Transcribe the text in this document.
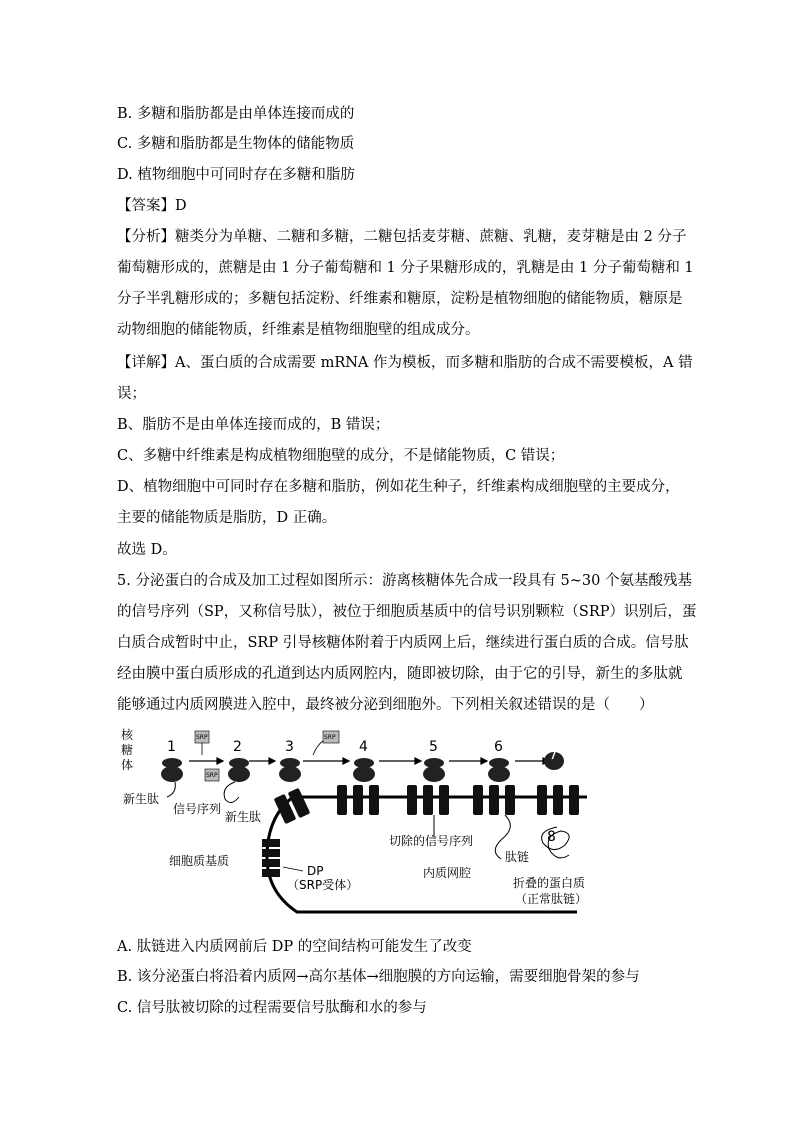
B. 多糖和脂肪都是由单体连接而成的
C. 多糖和脂肪都是生物体的储能物质
D. 植物细胞中可同时存在多糖和脂肪
【答案】D
【分析】糖类分为单糖、二糖和多糖，二糖包括麦芽糖、蔗糖、乳糖，麦芽糖是由 2 分子
葡萄糖形成的，蔗糖是由 1 分子葡萄糖和 1 分子果糖形成的，乳糖是由 1 分子葡萄糖和 1
分子半乳糖形成的；多糖包括淀粉、纤维素和糖原，淀粉是植物细胞的储能物质，糖原是
动物细胞的储能物质，纤维素是植物细胞壁的组成成分。
【详解】A、蛋白质的合成需要 mRNA 作为模板，而多糖和脂肪的合成不需要模板，A 错
误；
B、脂肪不是由单体连接而成的，B 错误；
C、多糖中纤维素是构成植物细胞壁的成分，不是储能物质，C 错误；
D、植物细胞中可同时存在多糖和脂肪，例如花生种子，纤维素构成细胞壁的主要成分，
主要的储能物质是脂肪，D 正确。
故选 D。
5. 分泌蛋白的合成及加工过程如图所示：游离核糖体先合成一段具有 5~30 个氨基酸残基
的信号序列（SP，又称信号肽），被位于细胞质基质中的信号识别颗粒（SRP）识别后，蛋
白质合成暂时中止，SRP 引导核糖体附着于内质网上后，继续进行蛋白质的合成。信号肽
经由膜中蛋白质形成的孔道到达内质网腔内，随即被切除，由于它的引导，新生的多肽就
能够通过内质网膜进入腔中，最终被分泌到细胞外。下列相关叙述错误的是（　　）
核
糖
体
1	2	3	4	5	6
8
SRP	SRP
SRP
7
新生肽
信号序列
新生肽
切除的信号序列
肽链
细胞质基质
DP
（SRP受体）
内质网腔
折叠的蛋白质
（正常肽链）
A. 肽链进入内质网前后 DP 的空间结构可能发生了改变
B. 该分泌蛋白将沿着内质网→高尔基体→细胞膜的方向运输，需要细胞骨架的参与
C. 信号肽被切除的过程需要信号肽酶和水的参与
